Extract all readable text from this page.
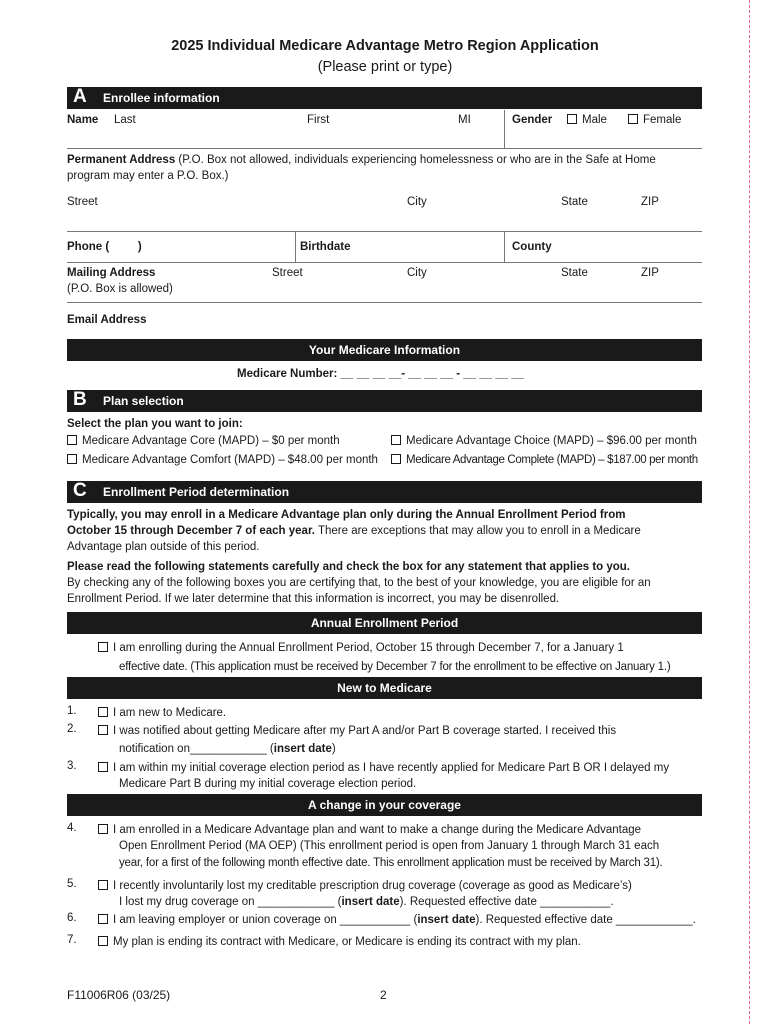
2025 Individual Medicare Advantage Metro Region Application
(Please print or type)
A Enrollee information
Name Last	First	MI	Gender	Male	Female
Permanent Address (P.O. Box not allowed, individuals experiencing homelessness or who are in the Safe at Home
program may enter a P.O. Box.)
Street	City	State	ZIP
Phone (         )	Birthdate	County
Mailing Address
(P.O. Box is allowed)
Street	City	State	ZIP
Email Address
Your Medicare Information
Medicare Number: __ __ __ __- __ __ __ - __ __ __ __
B Plan selection
Select the plan you want to join:
Medicare Advantage Core (MAPD) – $0 per month	Medicare Advantage Choice (MAPD) – $96.00 per month
Medicare Advantage Comfort (MAPD) – $48.00 per month	Medicare Advantage Complete (MAPD) – $187.00 per month
C Enrollment Period determination
Typically, you may enroll in a Medicare Advantage plan only during the Annual Enrollment Period from
October 15 through December 7 of each year. There are exceptions that may allow you to enroll in a Medicare
Advantage plan outside of this period.
Please read the following statements carefully and check the box for any statement that applies to you.
By checking any of the following boxes you are certifying that, to the best of your knowledge, you are eligible for an
Enrollment Period. If we later determine that this information is incorrect, you may be disenrolled.
Annual Enrollment Period
I am enrolling during the Annual Enrollment Period, October 15 through December 7, for a January 1
effective date. (This application must be received by December 7 for the enrollment to be effective on January 1.)
New to Medicare
1.	I am new to Medicare.
2.	I was notified about getting Medicare after my Part A and/or Part B coverage started. I received this
notification on____________ (insert date)
3.	I am within my initial coverage election period as I have recently applied for Medicare Part B OR I delayed my
Medicare Part B during my initial coverage election period.
A change in your coverage
4.	I am enrolled in a Medicare Advantage plan and want to make a change during the Medicare Advantage
Open Enrollment Period (MA OEP) (This enrollment period is open from January 1 through March 31 each
year, for a first of the following month effective date. This enrollment application must be received by March 31).
5.	I recently involuntarily lost my creditable prescription drug coverage (coverage as good as Medicare’s)
I lost my drug coverage on ____________ (insert date). Requested effective date ___________.
6.	I am leaving employer or union coverage on ___________ (insert date). Requested effective date ____________.
7.	My plan is ending its contract with Medicare, or Medicare is ending its contract with my plan.
F11006R06 (03/25)	2
